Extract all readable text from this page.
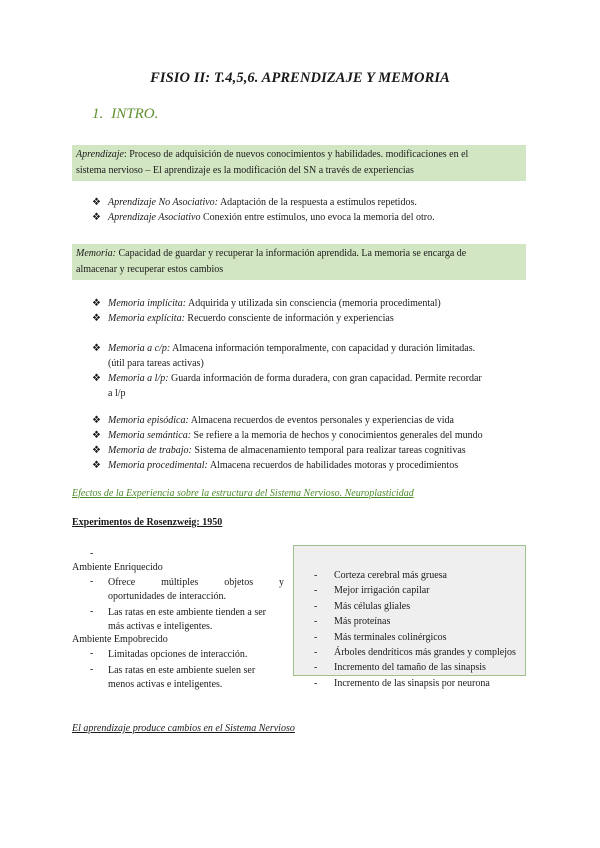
FISIO II: T.4,5,6. APRENDIZAJE Y MEMORIA
1. INTRO.
Aprendizaje: Proceso de adquisición de nuevos conocimientos y habilidades. modificaciones en el
sistema nervioso – El aprendizaje es la modificación del SN a través de experiencias
❖ Aprendizaje No Asociativo: Adaptación de la respuesta a estímulos repetidos.
❖ Aprendizaje Asociativo Conexión entre estímulos, uno evoca la memoria del otro.
Memoria: Capacidad de guardar y recuperar la información aprendida. La memoria se encarga de
almacenar y recuperar estos cambios
❖ Memoria implícita: Adquirida y utilizada sin consciencia (memoria procedimental)
❖ Memoria explícita: Recuerdo consciente de información y experiencias
❖ Memoria a c/p: Almacena información temporalmente, con capacidad y duración limitadas.
(útil para tareas activas)
❖ Memoria a l/p: Guarda información de forma duradera, con gran capacidad. Permite recordar
a l/p
❖ Memoria episódica: Almacena recuerdos de eventos personales y experiencias de vida
❖ Memoria semántica: Se refiere a la memoria de hechos y conocimientos generales del mundo
❖ Memoria de trabajo: Sistema de almacenamiento temporal para realizar tareas cognitivas
❖ Memoria procedimental: Almacena recuerdos de habilidades motoras y procedimientos
Efectos de la Experiencia sobre la estructura del Sistema Nervioso. Neuroplasticidad
Experimentos de Rosenzweig: 1950
-
Ambiente Enriquecido
-	Ofrece múltiples objetos y
oportunidades de interacción.
-	Las ratas en este ambiente tienden a ser
más activas e inteligentes.
Ambiente Empobrecido
-	Limitadas opciones de interacción.
-	Las ratas en este ambiente suelen ser
menos activas e inteligentes.
- Corteza cerebral más gruesa
- Mejor irrigación capilar
- Más células gliales
- Más proteínas
- Más terminales colinérgicos
- Árboles dendríticos más grandes y complejos
- Incremento del tamaño de las sinapsis
- Incremento de las sinapsis por neurona
El aprendizaje produce cambios en el Sistema Nervioso
